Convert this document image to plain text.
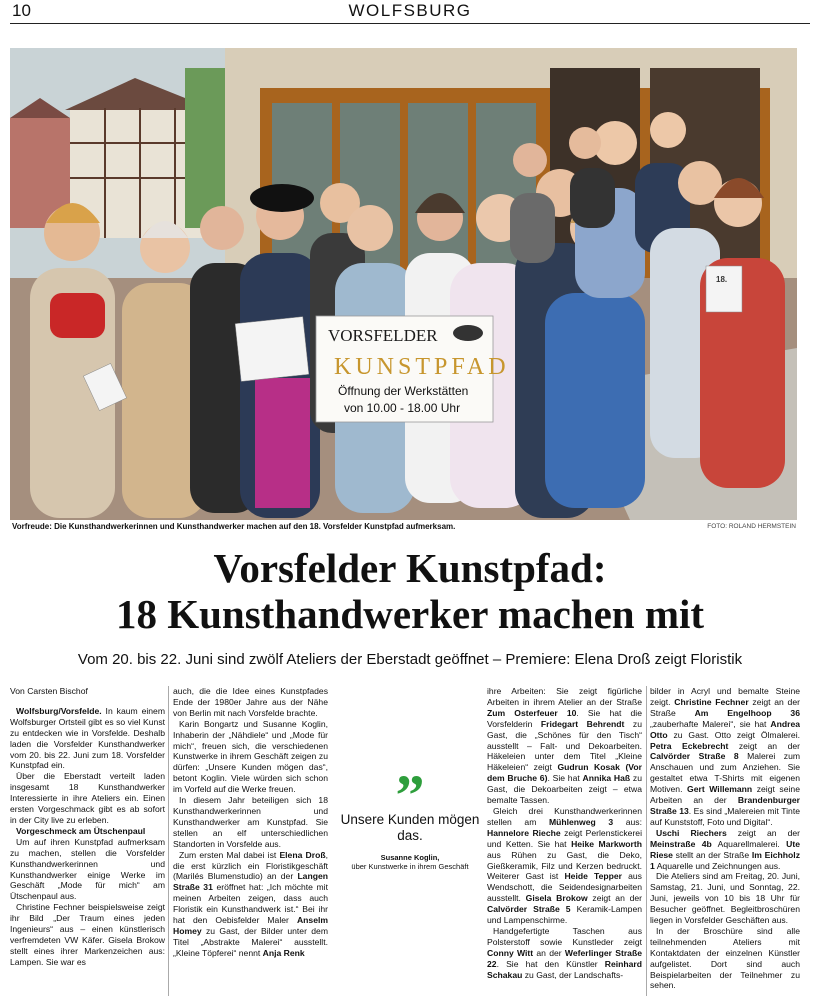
10	WOLFSBURG
18.
VORSFELDER
KUNSTPFAD
Öffnung der Werkstätten
von 10.00 - 18.00 Uhr
Vorfreude: Die Kunsthandwerkerinnen und Kunsthandwerker machen auf den 18. Vorsfelder Kunstpfad aufmerksam.	FOTO: ROLAND HERMSTEIN
Vorsfelder Kunstpfad:
18 Kunsthandwerker machen mit
Vom 20. bis 22. Juni sind zwölf Ateliers der Eberstadt geöffnet – Premiere: Elena Droß zeigt Floristik

Von Carsten Bischof

Wolfsburg/Vorsfelde. In kaum einem Wolfsburger Ortsteil gibt es so viel Kunst zu entdecken wie in Vorsfelde. Deshalb laden die Vorsfelder Kunsthandwerker vom 20. bis 22. Juni zum 18. Vorsfelder Kunstpfad ein.

Über die Eberstadt verteilt laden insgesamt 18 Kunsthandwerker Interessierte in ihre Ateliers ein. Einen ersten Vorgeschmack gibt es ab sofort in der City live zu erleben.

Vorgeschmeck am Ütschenpaul

Um auf ihren Kunstpfad aufmerksam zu machen, stellen die Vorsfelder Kunsthandwerkerinnen und Kunsthandwerker einige Werke im Geschäft „Mode für mich“ am Ütschenpaul aus.

Christine Fechner beispielsweise zeigt ihr Bild „Der Traum eines jeden Ingenieurs“ aus – einen künstlerisch verfremdeten VW Käfer. Gisela Brokow stellt eines ihrer Markenzeichen aus: Lampen. Sie war es

auch, die die Idee eines Kunstpfades Ende der 1980er Jahre aus der Nähe von Berlin mit nach Vorsfelde brachte.

Karin Bongartz und Susanne Koglin, Inhaberin der „Nähdiele“ und „Mode für mich“, freuen sich, die verschiedenen Kunstwerke in ihrem Geschäft zeigen zu dürfen: „Unsere Kunden mögen das“, betont Koglin. Viele würden sich schon im Vorfeld auf die Werke freuen.

In diesem Jahr beteiligen sich 18 Kunsthandwerkerinnen und Kunsthandwerker am Kunstpfad. Sie stellen an elf unterschiedlichen Standorten in Vorsfelde aus.

Zum ersten Mal dabei ist Elena Droß, die erst kürzlich ein Floristikgeschäft (Marilés Blumenstudio) an der Langen Straße 31 eröffnet hat: „Ich möchte mit meinen Arbeiten zeigen, dass auch Floristik ein Kunsthandwerk ist.“ Bei ihr hat den Oebisfelder Maler Anselm Homey zu Gast, der Bilder unter dem Titel „Abstrakte Malerei“ ausstellt. „Kleine Töpferei“ nennt Anja Renk

”
Unsere Kunden mögen das.
Susanne Koglin,
über Kunstwerke in ihrem Geschäft

ihre Arbeiten: Sie zeigt figürliche Arbeiten in ihrem Atelier an der Straße Zum Osterfeuer 10. Sie hat die Vorsfelderin Fridegart Behrendt zu Gast, die „Schönes für den Tisch“ ausstellt – Falt- und Dekoarbeiten. Häkeleien unter dem Titel „Kleine Häkeleien“ zeigt Gudrun Kosak (Vor dem Bruche 6). Sie hat Annika Haß zu Gast, die Dekoarbeiten zeigt – etwa bemalte Tassen.

Gleich drei Kunsthandwerkerinnen stellen am Mühlenweg 3 aus: Hannelore Rieche zeigt Perlenstickerei und Ketten. Sie hat Heike Markworth aus Rühen zu Gast, die Deko, Gießkeramik, Filz und Kerzen bedruckt. Weiterer Gast ist Heide Tepper aus Wendschott, die Seidendesignarbeiten ausstellt. Gisela Brokow zeigt an der Calvörder Straße 5 Keramik-Lampen und Lampenschirme.

Handgefertigte Taschen aus Polsterstoff sowie Kunstleder zeigt Conny Witt an der Weferlinger Straße 22. Sie hat den Künstler Reinhard Schakau zu Gast, der Landschafts-

bilder in Acryl und bemalte Steine zeigt. Christine Fechner zeigt an der Straße Am Engelhoop 36 „zauberhafte Malerei“, sie hat Andrea Otto zu Gast. Otto zeigt Ölmalerei. Petra Eckebrecht zeigt an der Calvörder Straße 8 Malerei zum Anschauen und zum Anziehen. Sie gestaltet etwa T-Shirts mit eigenen Motiven. Gert Willemann zeigt seine Arbeiten an der Brandenburger Straße 13. Es sind „Malereien mit Tinte auf Kunststoff, Foto und Digital“.

Uschi Riechers zeigt an der Meinstraße 4b Aquarellmalerei. Ute Riese stellt an der Straße Im Eichholz 1 Aquarelle und Zeichnungen aus.

Die Ateliers sind am Freitag, 20. Juni, Samstag, 21. Juni, und Sonntag, 22. Juni, jeweils von 10 bis 18 Uhr für Besucher geöffnet. Begleitbroschüren liegen in Vorsfelder Geschäften aus.

In der Broschüre sind alle teilnehmenden Ateliers mit Kontaktdaten der einzelnen Künstler aufgelistet. Dort sind auch Beispielarbeiten der Teilnehmer zu sehen.
